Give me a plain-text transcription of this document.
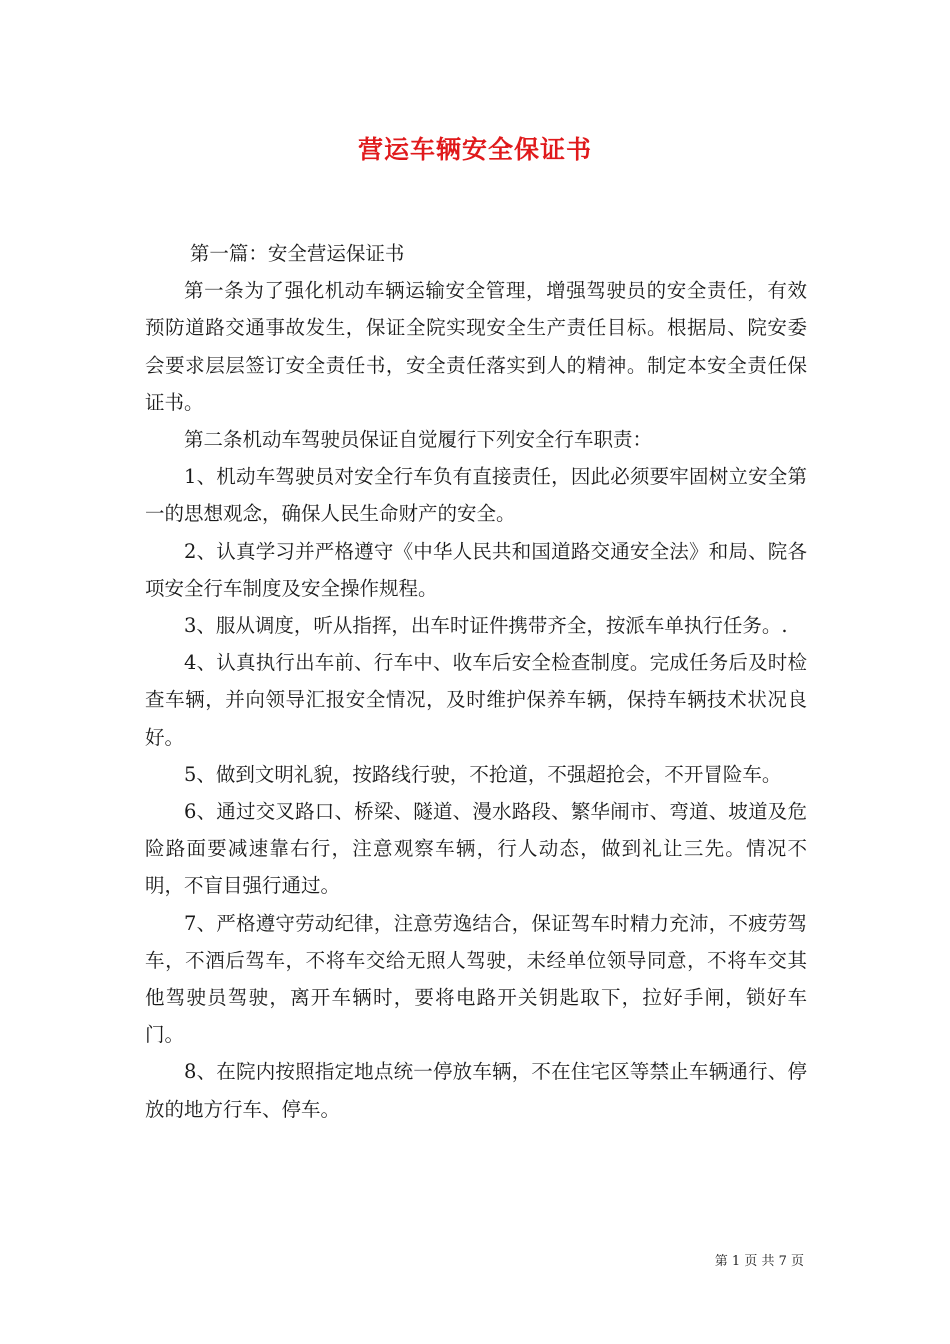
营运车辆安全保证书

第一篇：安全营运保证书

第一条为了强化机动车辆运输安全管理，增强驾驶员的安全责任，有效预防道路交通事故发生，保证全院实现安全生产责任目标。根据局、院安委会要求层层签订安全责任书，安全责任落实到人的精神。制定本安全责任保证书。

第二条机动车驾驶员保证自觉履行下列安全行车职责：

1、机动车驾驶员对安全行车负有直接责任，因此必须要牢固树立安全第一的思想观念，确保人民生命财产的安全。

2、认真学习并严格遵守《中华人民共和国道路交通安全法》和局、院各项安全行车制度及安全操作规程。

3、服从调度，听从指挥，出车时证件携带齐全，按派车单执行任务。.

4、认真执行出车前、行车中、收车后安全检查制度。完成任务后及时检查车辆，并向领导汇报安全情况，及时维护保养车辆，保持车辆技术状况良好。

5、做到文明礼貌，按路线行驶，不抢道，不强超抢会，不开冒险车。

6、通过交叉路口、桥梁、隧道、漫水路段、繁华闹市、弯道、坡道及危险路面要减速靠右行，注意观察车辆，行人动态，做到礼让三先。情况不明，不盲目强行通过。

7、严格遵守劳动纪律，注意劳逸结合，保证驾车时精力充沛，不疲劳驾车，不酒后驾车，不将车交给无照人驾驶，未经单位领导同意，不将车交其他驾驶员驾驶，离开车辆时，要将电路开关钥匙取下，拉好手闸，锁好车门。

8、在院内按照指定地点统一停放车辆，不在住宅区等禁止车辆通行、停放的地方行车、停车。

第 1 页 共 7 页
